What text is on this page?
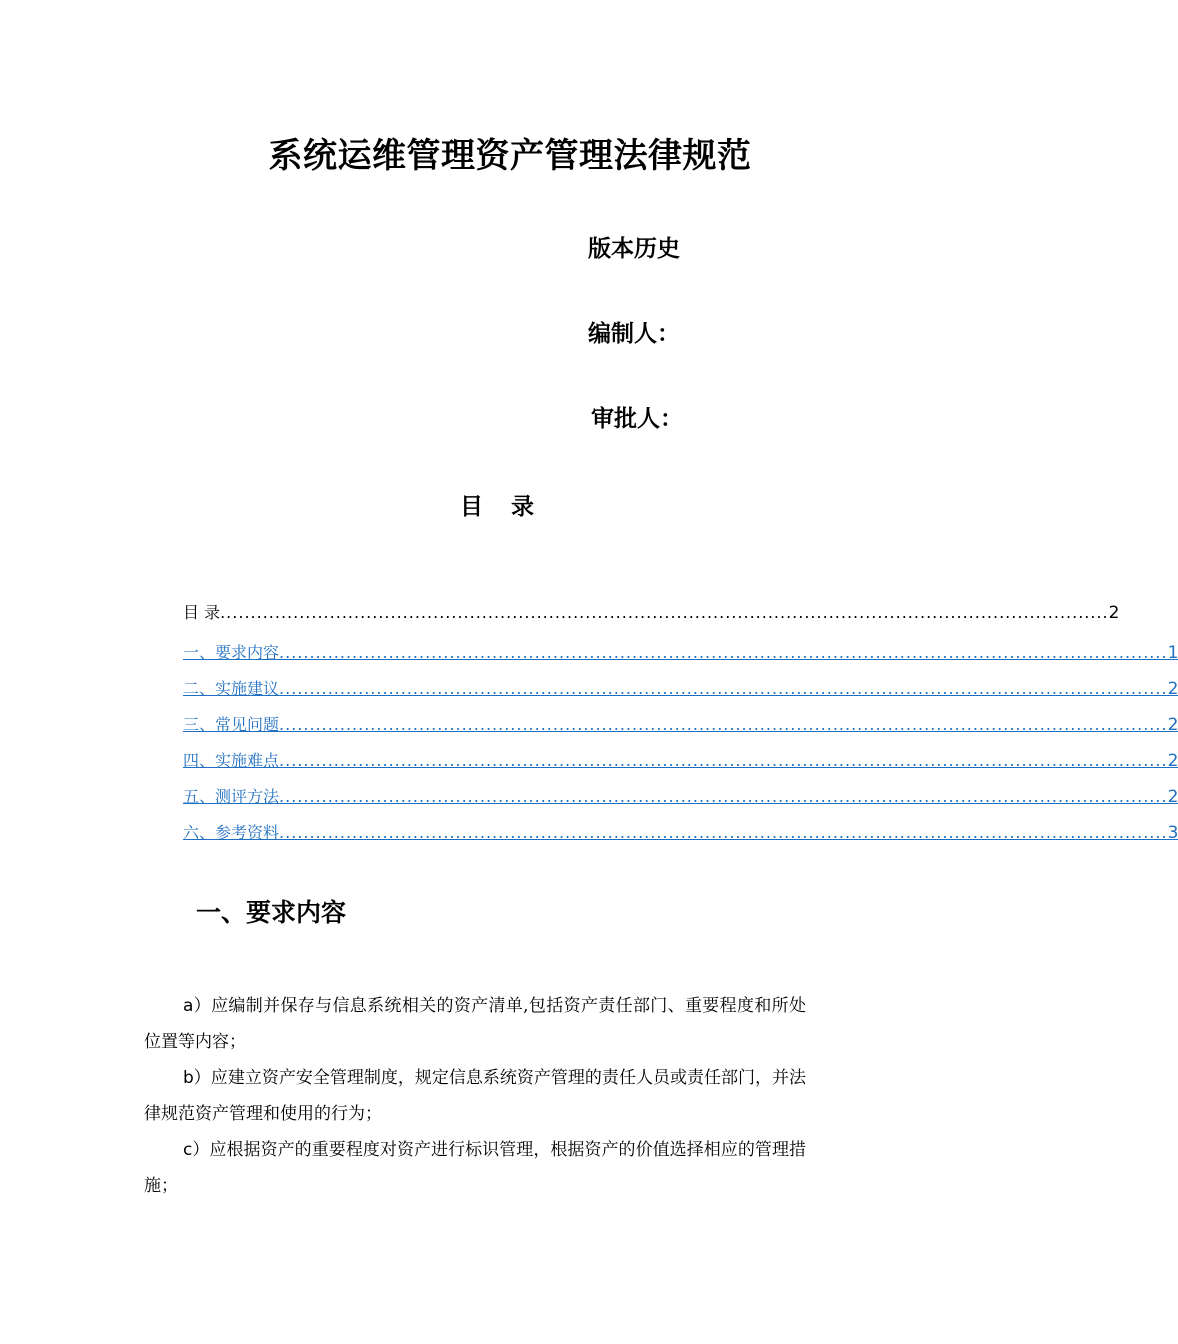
系统运维管理资产管理法律规范
版本历史
编制人：
审批人：
目 录
目 录 .................................................................................................................................................. 2
一、要求内容 .................................................................................................................................................. 1
二、实施建议 .................................................................................................................................................. 2
三、常见问题 .................................................................................................................................................. 2
四、实施难点 .................................................................................................................................................. 2
五、测评方法 .................................................................................................................................................. 2
六、参考资料 .................................................................................................................................................. 3
一、要求内容

a）应编制并保存与信息系统相关的资产清单,包括资产责任部门、重要程度和所处位置等内容；

b）应建立资产安全管理制度，规定信息系统资产管理的责任人员或责任部门，并法律规范资产管理和使用的行为；

c）应根据资产的重要程度对资产进行标识管理，根据资产的价值选择相应的管理措施；
